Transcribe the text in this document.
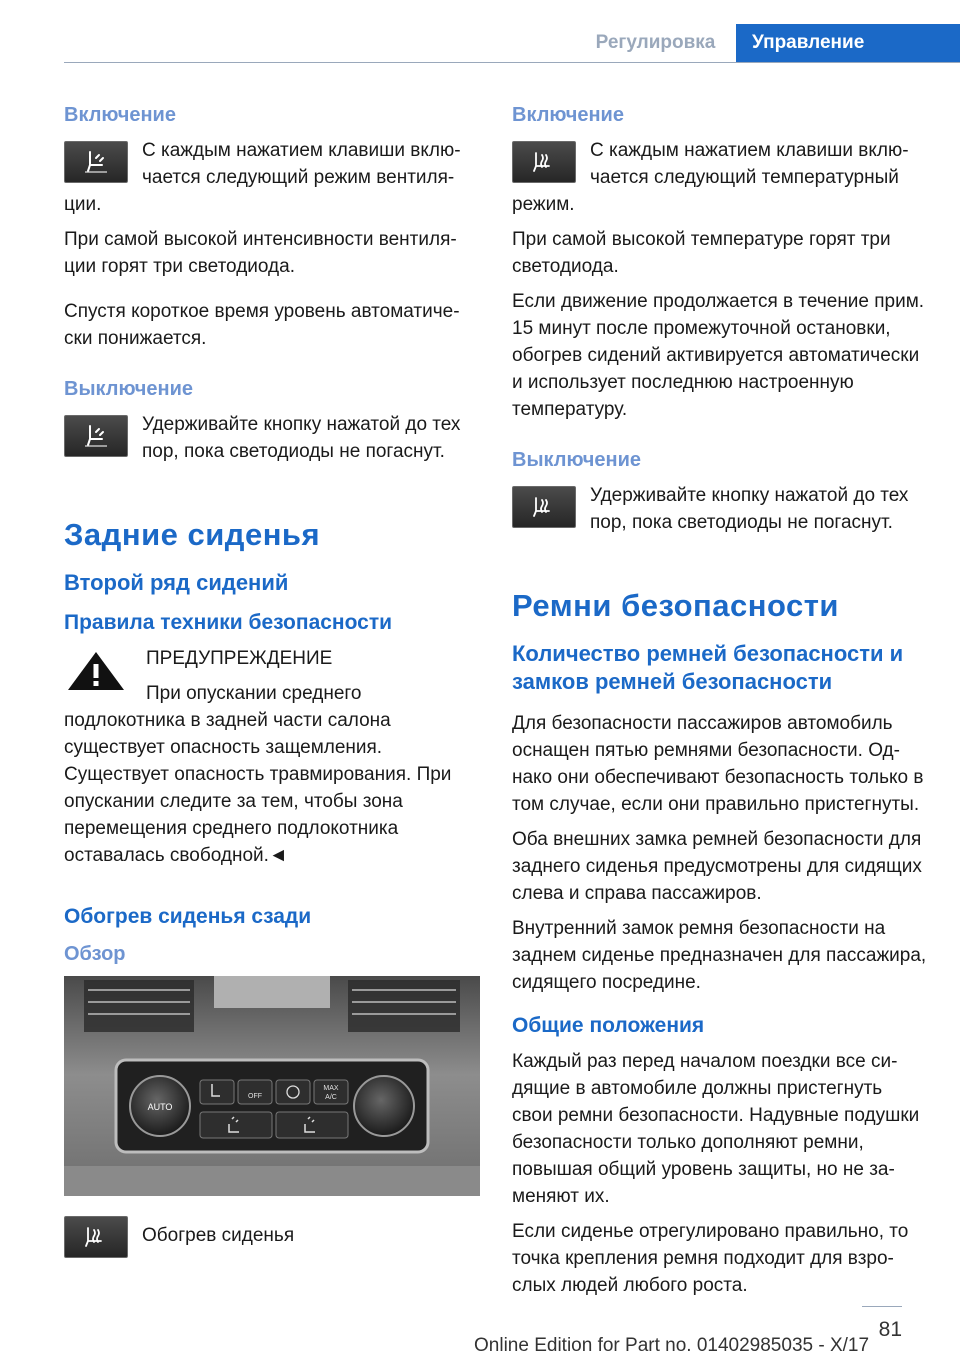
Регулировка	Управление
Включение

С каждым нажатием клавиши включается следующий режим вентиляции.

При самой высокой интенсивности вентиляции горят три светодиода.

Спустя короткое время уровень автоматически понижается.

Выключение

Удерживайте кнопку нажатой до тех пор, пока светодиоды не погаснут.

Задние сиденья
Второй ряд сидений
Правила техники безопасности

ПРЕДУПРЕЖДЕНИЕ

При опускании среднего подлокотника в задней части салона существует опасность защемления. Существует опасность травмирования. При опускании следите за тем, чтобы зона перемещения среднего подлокотника оставалась свободной.◄

Обогрев сиденья сзади
Обзор
AUTO
OFF
MAX
A/C

Обогрев сиденья

Включение

С каждым нажатием клавиши включается следующий температурный режим.

При самой высокой температуре горят три светодиода.

Если движение продолжается в течение прим. 15 минут после промежуточной остановки, обогрев сидений активируется автоматически и использует последнюю настроенную температуру.

Выключение

Удерживайте кнопку нажатой до тех пор, пока светодиоды не погаснут.

Ремни безопасности
Количество ремней безопасности и замков ремней безопасности

Для безопасности пассажиров автомобиль оснащен пятью ремнями безопасности. Однако они обеспечивают безопасность только в том случае, если они правильно пристегнуты.

Оба внешних замка ремней безопасности для заднего сиденья предусмотрены для сидящих слева и справа пассажиров.

Внутренний замок ремня безопасности на заднем сиденье предназначен для пассажира, сидящего посредине.

Общие положения

Каждый раз перед началом поездки все сидящие в автомобиле должны пристегнуть свои ремни безопасности. Надувные подушки безопасности только дополняют ремни, повышая общий уровень защиты, но не заменяют их.

Если сиденье отрегулировано правильно, то точка крепления ремня подходит для взрослых людей любого роста.

81
Online Edition for Part no. 01402985035 - X/17
